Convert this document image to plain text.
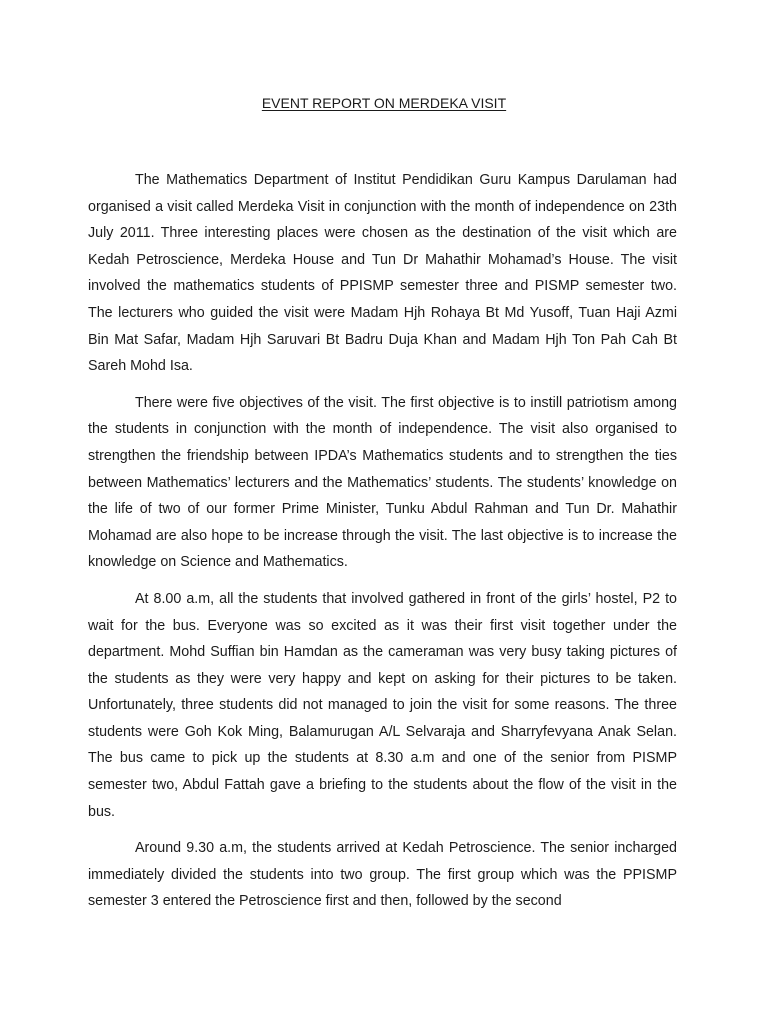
EVENT REPORT ON MERDEKA VISIT

The Mathematics Department of Institut Pendidikan Guru Kampus Darulaman had organised a visit called Merdeka Visit in conjunction with the month of independence on 23th July 2011. Three interesting places were chosen as the destination of the visit which are Kedah Petroscience, Merdeka House and Tun Dr Mahathir Mohamad’s House. The visit involved the mathematics students of PPISMP semester three and PISMP semester two. The lecturers who guided the visit were Madam Hjh Rohaya Bt Md Yusoff, Tuan Haji Azmi Bin Mat Safar, Madam Hjh Saruvari Bt Badru Duja Khan and Madam Hjh Ton Pah Cah Bt Sareh Mohd Isa.

There were five objectives of the visit. The first objective is to instill patriotism among the students in conjunction with the month of independence. The visit also organised to strengthen the friendship between IPDA’s Mathematics students and to strengthen the ties between Mathematics’ lecturers and the Mathematics’ students. The students’ knowledge on the life of two of our former Prime Minister, Tunku Abdul Rahman and Tun Dr. Mahathir Mohamad are also hope to be increase through the visit. The last objective is to increase the knowledge on Science and Mathematics.

At 8.00 a.m, all the students that involved gathered in front of the girls’ hostel, P2 to wait for the bus. Everyone was so excited as it was their first visit together under the department. Mohd Suffian bin Hamdan as the cameraman was very busy taking pictures of the students as they were very happy and kept on asking for their pictures to be taken. Unfortunately, three students did not managed to join the visit for some reasons. The three students were Goh Kok Ming, Balamurugan A/L Selvaraja and Sharryfevyana Anak Selan. The bus came to pick up the students at 8.30 a.m and one of the senior from PISMP semester two, Abdul Fattah gave a briefing to the students about the flow of the visit in the bus.

Around 9.30 a.m, the students arrived at Kedah Petroscience. The senior incharged immediately divided the students into two group. The first group which was the PPISMP semester 3 entered the Petroscience first and then, followed by the second
